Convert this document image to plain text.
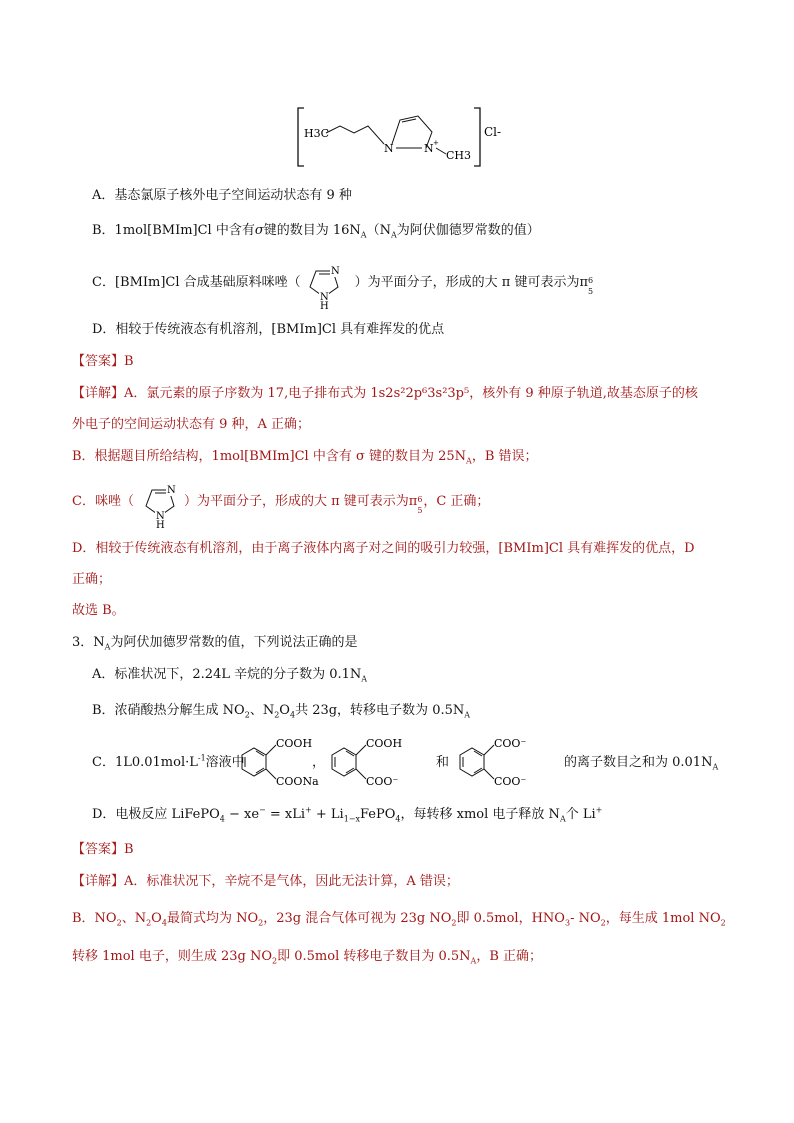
H3C
N	N +
CH3
Cl-
A．基态氯原子核外电子空间运动状态有 9 种
B．1mol[BMIm]Cl 中含有σ键的数目为 $16N_A(N_A$为阿伏伽德罗常数的值）
C．[BMIm]Cl 合成基础原料咪唑（	）为平面分子，形成的大 π 键可表示为π 6
5
N
N
H
D．相较于传统液态有机溶剂，[BMIm]Cl 具有难挥发的优点
【答案】B
【详解】A．氯元素的原子序数为 17,电子排布式为 1s2s²2p⁶3s²3p⁵，核外有 9 种原子轨道,故基态原子的核
外电子的空间运动状态有 9 种，A 正确；
B．根据题目所给结构，1mol[BMIm]Cl 中含有 σ 键的数目为 $25N_A$，B 错误；
C．咪唑（	）为平面分子，形成的大 π 键可表示为π 6
5
，C 正确；
N
N
H
D．相较于传统液态有机溶剂，由于离子液体内离子对之间的吸引力较强，[BMIm]Cl 具有难挥发的优点，D
正确；
故选 B。
3．$N_A$为阿伏加德罗常数的值，下列说法正确的是
A．标准状况下，2.24L 辛烷的分子数为 $0.1N_A$
B．浓硝酸热分解生成 $NO_2$、$N_2O_4$共 23g，转移电子数为 $0.5N_A$
C．$1L0.01mol\cdot L^{-1}$溶液中	，	和	的离子数目之和为 $0.01N_A$
COOH
COONa
COOH
COO⁻
COO⁻
COO⁻
D．电极反应 LiFePO$_4$ − $xe^- = xLi^+ + Li_{1-x}FePO_4$，每转移 xmol 电子释放 $N_A$个 Li+
【答案】B
【详解】A．标准状况下，辛烷不是气体，因此无法计算，A 错误；
B．$NO_2$、$N_2O_4$最简式均为 $NO_2$，23g 混合气体可视为 23g $NO_2$即 0.5mol，$HNO_3-$ $NO_2$，每生成 1mol $NO_2$
转移 1mol 电子，则生成 23g $NO_2$即 0.5mol 转移电子数目为 $0.5N_A$，B 正确；
